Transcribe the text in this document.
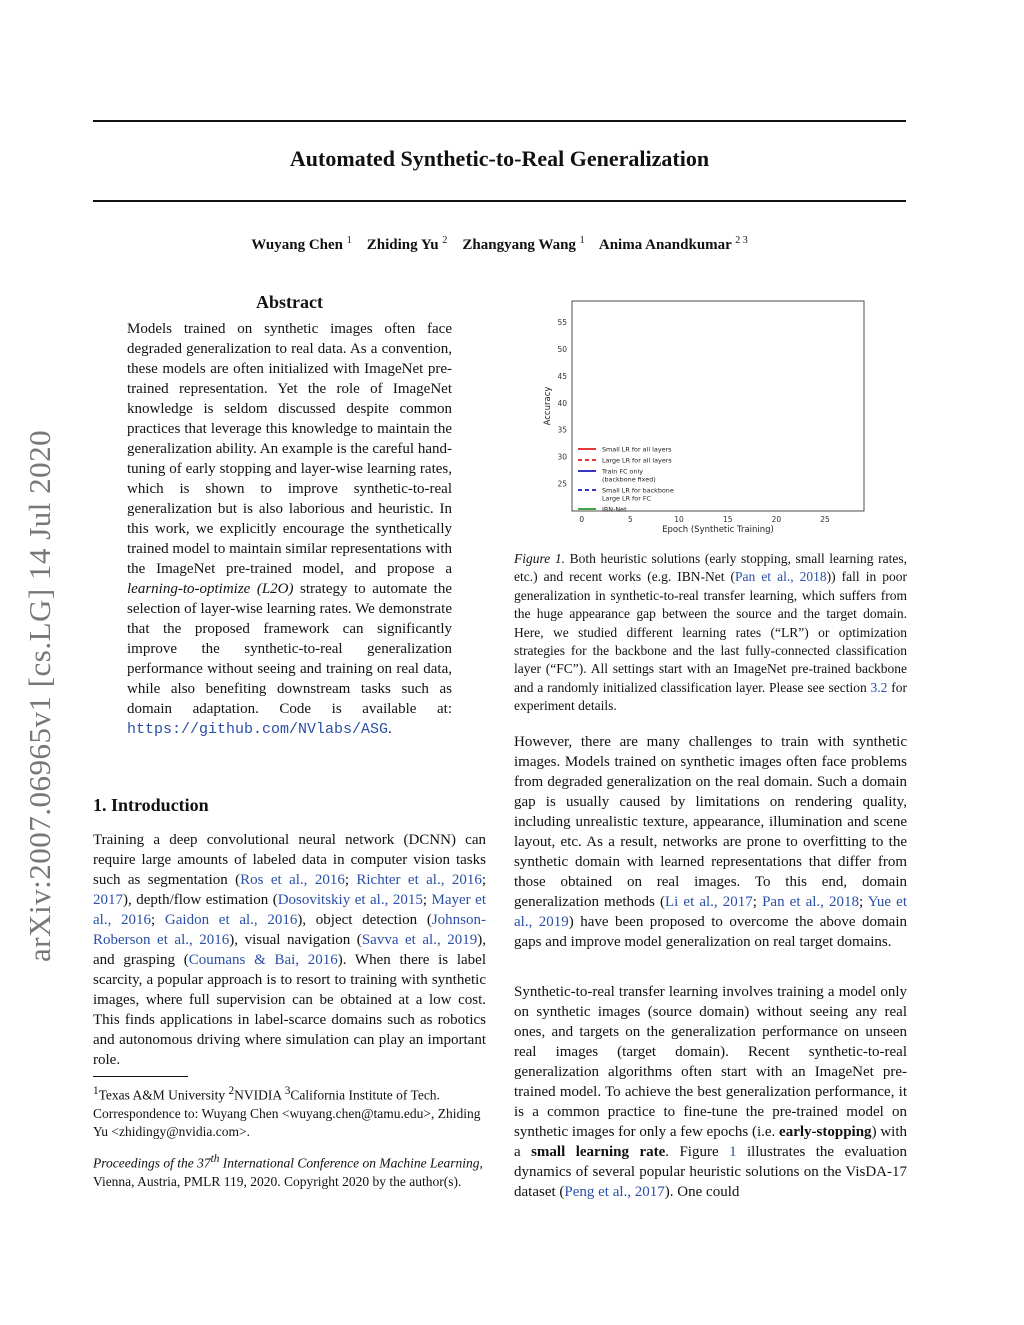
Automated Synthetic-to-Real Generalization
Wuyang Chen $^1$ Zhiding Yu $^2$ Zhangyang Wang $^1$ Anima Anandkumar $^{2 3}$
arXiv:2007.06965v1 [cs.LG] 14 Jul 2020
Abstract
Models trained on synthetic images often face degraded generalization to real data. As a convention, these models are often initialized with ImageNet pre-trained representation. Yet the role of ImageNet knowledge is seldom discussed despite common practices that leverage this knowledge to maintain the generalization ability. An example is the careful hand-tuning of early stopping and layer-wise learning rates, which is shown to improve synthetic-to-real generalization but is also laborious and heuristic. In this work, we explicitly encourage the synthetically trained model to maintain similar representations with the ImageNet pre-trained model, and propose a learning-to-optimize (L2O) strategy to automate the selection of layer-wise learning rates. We demonstrate that the proposed framework can significantly improve the synthetic-to-real generalization performance without seeing and training on real data, while also benefiting downstream tasks such as domain adaptation. Code is available at: https://github.com/NVlabs/ASG.
1. Introduction
Training a deep convolutional neural network (DCNN) can require large amounts of labeled data in computer vision tasks such as segmentation (Ros et al., 2016; Richter et al., 2016; 2017), depth/flow estimation (Dosovitskiy et al., 2015; Mayer et al., 2016; Gaidon et al., 2016), object detection (Johnson-Roberson et al., 2016), visual navigation (Savva et al., 2019), and grasping (Coumans & Bai, 2016). When there is label scarcity, a popular approach is to resort to training with synthetic images, where full supervision can be obtained at a low cost. This finds applications in label-scarce domains such as robotics and autonomous driving where simulation can play an important role.
$^1$Texas A&M University $^2$NVIDIA $^3$California Institute of Tech.
Correspondence to: Wuyang Chen <wuyang.chen@tamu.edu>, Zhiding Yu <zhidingy@nvidia.com>.
Proceedings of the 37th International Conference on Machine Learning, Vienna, Austria, PMLR 119, 2020. Copyright 2020 by the author(s).
0	5	10	15	20	25
25
30
35
40
45
50
55
Epoch (Synthetic Training)
Accuracy
Small LR for all layers
Large LR for all layers
Train FC only
(backbone fixed)
Small LR for backbone
Large LR for FC
IBN-Net
Figure 1. Both heuristic solutions (early stopping, small learning rates, etc.) and recent works (e.g. IBN-Net (Pan et al., 2018)) fall in poor generalization in synthetic-to-real transfer learning, which suffers from the huge appearance gap between the source and the target domain. Here, we studied different learning rates (“LR”) or optimization strategies for the backbone and the last fully-connected classification layer (“FC”). All settings start with an ImageNet pre-trained backbone and a randomly initialized classification layer. Please see section 3.2 for experiment details.
However, there are many challenges to train with synthetic images. Models trained on synthetic images often face problems from degraded generalization on the real domain. Such a domain gap is usually caused by limitations on rendering quality, including unrealistic texture, appearance, illumination and scene layout, etc. As a result, networks are prone to overfitting to the synthetic domain with learned representations that differ from those obtained on real images. To this end, domain generalization methods (Li et al., 2017; Pan et al., 2018; Yue et al., 2019) have been proposed to overcome the above domain gaps and improve model generalization on real target domains.
Synthetic-to-real transfer learning involves training a model only on synthetic images (source domain) without seeing any real ones, and targets on the generalization performance on unseen real images (target domain). Recent synthetic-to-real generalization algorithms often start with an ImageNet pre-trained model. To achieve the best generalization performance, it is a common practice to fine-tune the pre-trained model on synthetic images for only a few epochs (i.e. early-stopping) with a small learning rate. Figure 1 illustrates the evaluation dynamics of several popular heuristic solutions on the VisDA-17 dataset (Peng et al., 2017). One could
